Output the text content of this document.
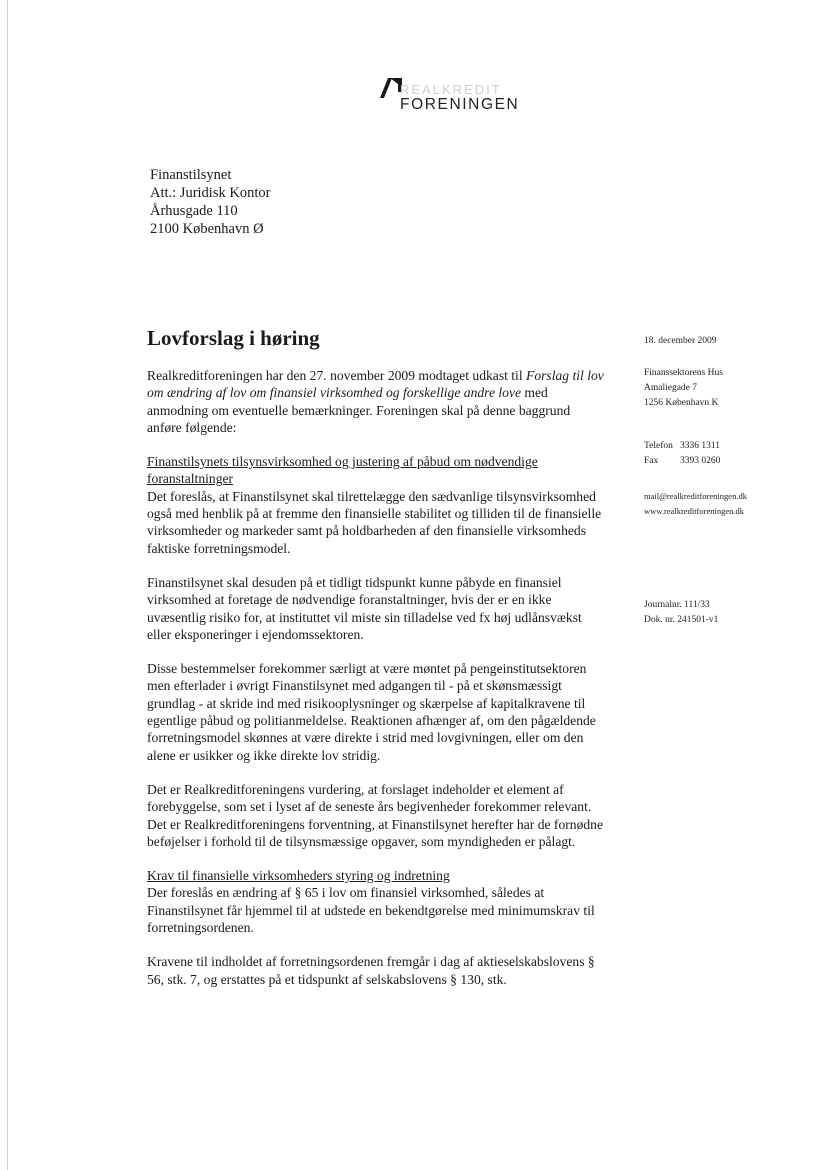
REALKREDIT
FORENINGEN
Finanstilsynet
Att.: Juridisk Kontor
Århusgade 110
2100 København Ø
Lovforslag i høring

Realkreditforeningen har den 27. november 2009 modtaget udkast til Forslag til lov om ændring af lov om finansiel virksomhed og forskellige andre love med anmodning om eventuelle bemærkninger. Foreningen skal på denne baggrund anføre følgende:

Finanstilsynets tilsynsvirksomhed og justering af påbud om nødvendige foranstaltninger

Det foreslås, at Finanstilsynet skal tilrettelægge den sædvanlige tilsynsvirksomhed også med henblik på at fremme den finansielle stabilitet og tilliden til de finansielle virksomheder og markeder samt på holdbarheden af den finansielle virksomheds faktiske forretningsmodel.

Finanstilsynet skal desuden på et tidligt tidspunkt kunne påbyde en finansiel virksomhed at foretage de nødvendige foranstaltninger, hvis der er en ikke uvæsentlig risiko for, at instituttet vil miste sin tilladelse ved fx høj udlånsvækst eller eksponeringer i ejendomssektoren.

Disse bestemmelser forekommer særligt at være møntet på pengeinstitutsektoren men efterlader i øvrigt Finanstilsynet med adgangen til - på et skønsmæssigt grundlag - at skride ind med risikooplysninger og skærpelse af kapitalkravene til egentlige påbud og politianmeldelse. Reaktionen afhænger af, om den pågældende forretningsmodel skønnes at være direkte i strid med lovgivningen, eller om den alene er usikker og ikke direkte lov stridig.

Det er Realkreditforeningens vurdering, at forslaget indeholder et element af forebyggelse, som set i lyset af de seneste års begivenheder forekommer relevant. Det er Realkreditforeningens forventning, at Finanstilsynet herefter har de fornødne beføjelser i forhold til de tilsynsmæssige opgaver, som myndigheden er pålagt.

Krav til finansielle virksomheders styring og indretning

Der foreslås en ændring af § 65 i lov om finansiel virksomhed, således at Finanstilsynet får hjemmel til at udstede en bekendtgørelse med minimumskrav til forretningsordenen.

Kravene til indholdet af forretningsordenen fremgår i dag af aktieselskabslovens § 56, stk. 7, og erstattes på et tidspunkt af selskabslovens § 130, stk.

18. december 2009
Finanssektorens Hus
Amaliegade 7
1256 København K
Telefon 3336 1311
Fax 3393 0260
mail@realkreditforeningen.dk
www.realkreditforeningen.dk
Journalnr. 111/33
Dok. nr. 241501-v1
